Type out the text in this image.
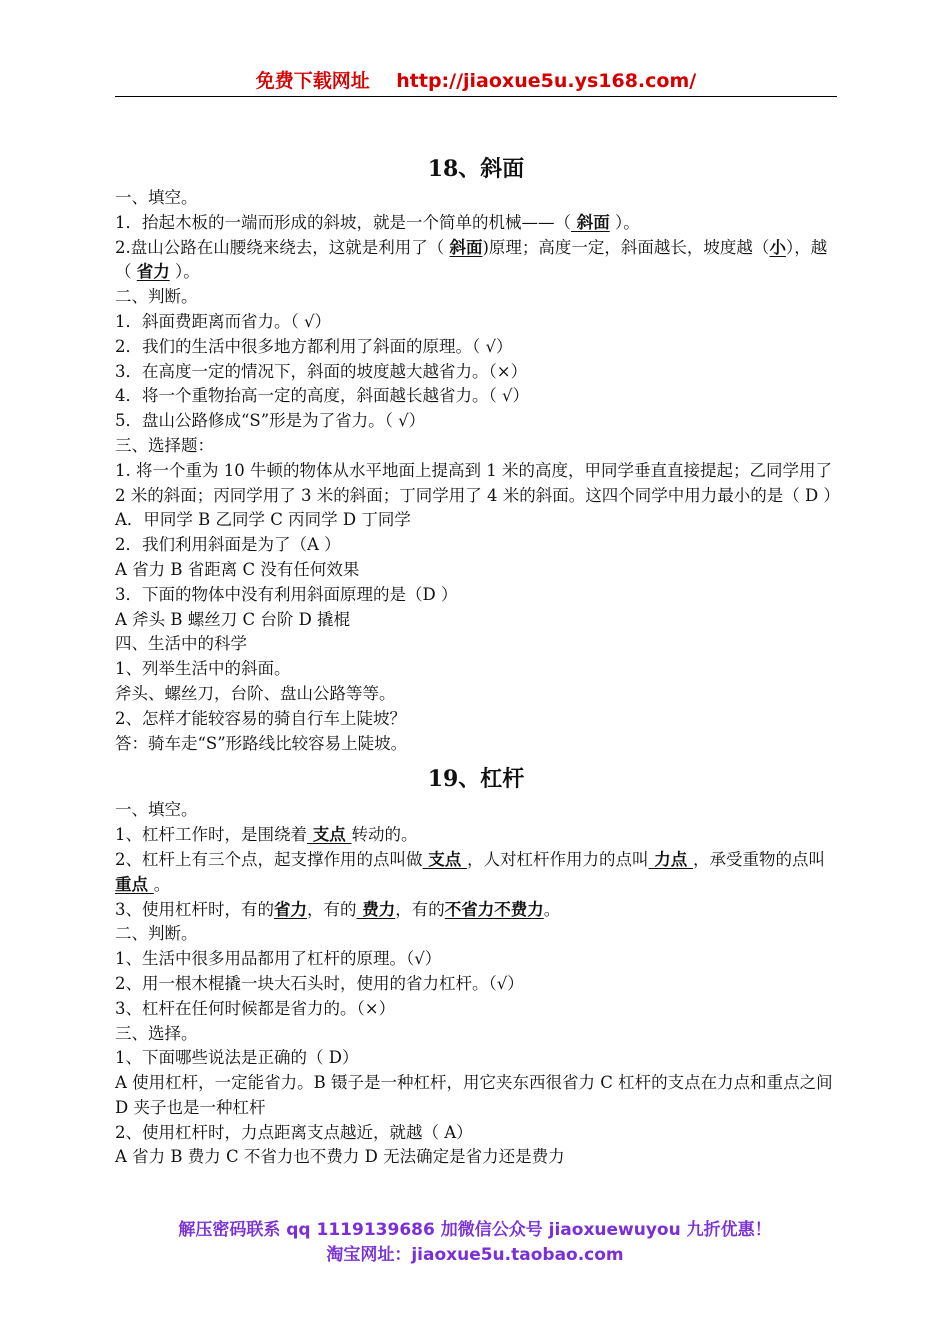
免费下载网址 http://jiaoxue5u.ys168.com/
18、斜面
一、填空。
1．抬起木板的一端而形成的斜坡，就是一个简单的机械——（ 斜面 ）。
2.盘山公路在山腰绕来绕去，这就是利用了（ 斜面)原理；高度一定，斜面越长，坡度越（小），越（ 省力 ）。
二、判断。
1．斜面费距离而省力。（ √）
2．我们的生活中很多地方都利用了斜面的原理。（ √）
3．在高度一定的情况下，斜面的坡度越大越省力。（×）
4．将一个重物抬高一定的高度，斜面越长越省力。（ √）
5．盘山公路修成“S”形是为了省力。（ √）
三、选择题：
1. 将一个重为 10 牛顿的物体从水平地面上提高到 1 米的高度，甲同学垂直直接提起；乙同学用了 2 米的斜面；丙同学用了 3 米的斜面；丁同学用了 4 米的斜面。这四个同学中用力最小的是（ D ）
A．甲同学 B 乙同学 C 丙同学 D 丁同学
2．我们利用斜面是为了（A ）
A 省力 B 省距离 C 没有任何效果
3．下面的物体中没有利用斜面原理的是（D ）
A 斧头 B 螺丝刀 C 台阶 D 撬棍
四、生活中的科学
1、列举生活中的斜面。
斧头、螺丝刀，台阶、盘山公路等等。
2、怎样才能较容易的骑自行车上陡坡？
答：骑车走“S”形路线比较容易上陡坡。
19、杠杆
一、填空。
1、杠杆工作时，是围绕着 支点 转动的。
2、杠杆上有三个点，起支撑作用的点叫做 支点 ，人对杠杆作用力的点叫 力点 ，承受重物的点叫 重点 。
3、使用杠杆时，有的省力，有的 费力，有的不省力不费力。
二、判断。
1、生活中很多用品都用了杠杆的原理。（√）
2、用一根木棍撬一块大石头时，使用的省力杠杆。（√）
3、杠杆在任何时候都是省力的。（×）
三、选择。
1、下面哪些说法是正确的（ D）
A 使用杠杆，一定能省力。B 镊子是一种杠杆，用它夹东西很省力 C 杠杆的支点在力点和重点之间 D 夹子也是一种杠杆
2、使用杠杆时，力点距离支点越近，就越（ A）
A 省力 B 费力 C 不省力也不费力 D 无法确定是省力还是费力
解压密码联系 qq 1119139686 加微信公众号 jiaoxuewuyou 九折优惠！
淘宝网址：jiaoxue5u.taobao.com
